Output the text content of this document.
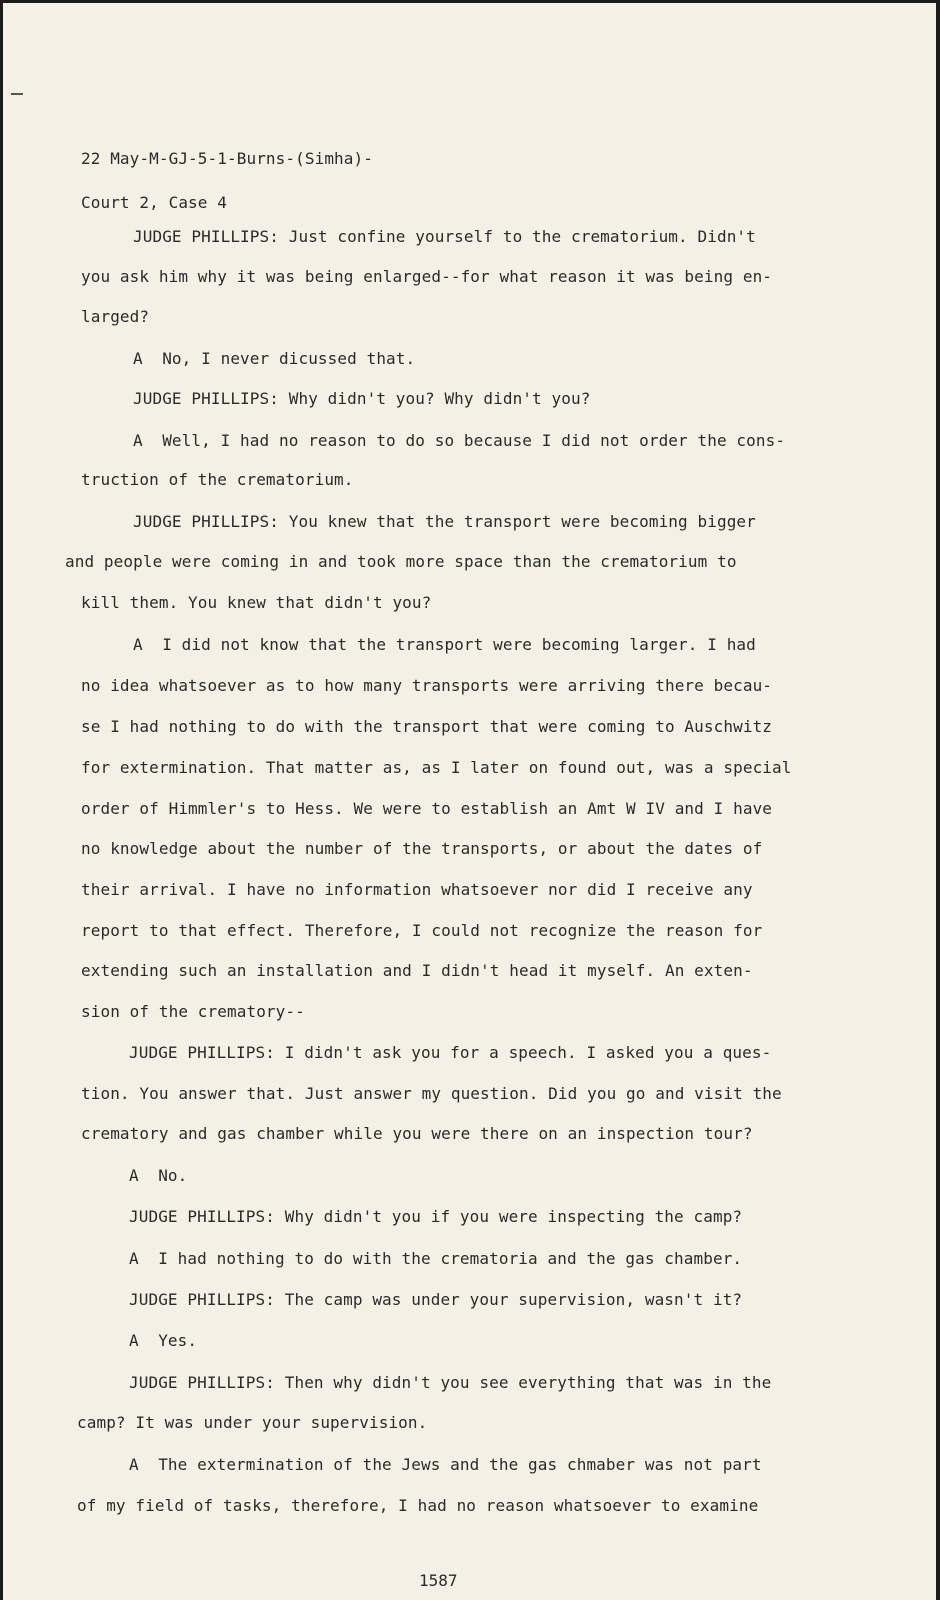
22 May-M-GJ-5-1-Burns-(Simha)-
Court 2, Case 4
JUDGE PHILLIPS: Just confine yourself to the crematorium. Didn't
you ask him why it was being enlarged--for what reason it was being en-
larged?
A  No, I never dicussed that.
JUDGE PHILLIPS: Why didn't you? Why didn't you?
A  Well, I had no reason to do so because I did not order the cons-
truction of the crematorium.
JUDGE PHILLIPS: You knew that the transport were becoming bigger
and people were coming in and took more space than the crematorium to
kill them. You knew that didn't you?
A  I did not know that the transport were becoming larger. I had
no idea whatsoever as to how many transports were arriving there becau-
se I had nothing to do with the transport that were coming to Auschwitz
for extermination. That matter as, as I later on found out, was a special
order of Himmler's to Hess. We were to establish an Amt W IV and I have
no knowledge about the number of the transports, or about the dates of
their arrival. I have no information whatsoever nor did I receive any
report to that effect. Therefore, I could not recognize the reason for
extending such an installation and I didn't head it myself. An exten-
sion of the crematory--
JUDGE PHILLIPS: I didn't ask you for a speech. I asked you a ques-
tion. You answer that. Just answer my question. Did you go and visit the
crematory and gas chamber while you were there on an inspection tour?
A  No.
JUDGE PHILLIPS: Why didn't you if you were inspecting the camp?
A  I had nothing to do with the crematoria and the gas chamber.
JUDGE PHILLIPS: The camp was under your supervision, wasn't it?
A  Yes.
JUDGE PHILLIPS: Then why didn't you see everything that was in the
camp? It was under your supervision.
A  The extermination of the Jews and the gas chmaber was not part
of my field of tasks, therefore, I had no reason whatsoever to examine
1587
